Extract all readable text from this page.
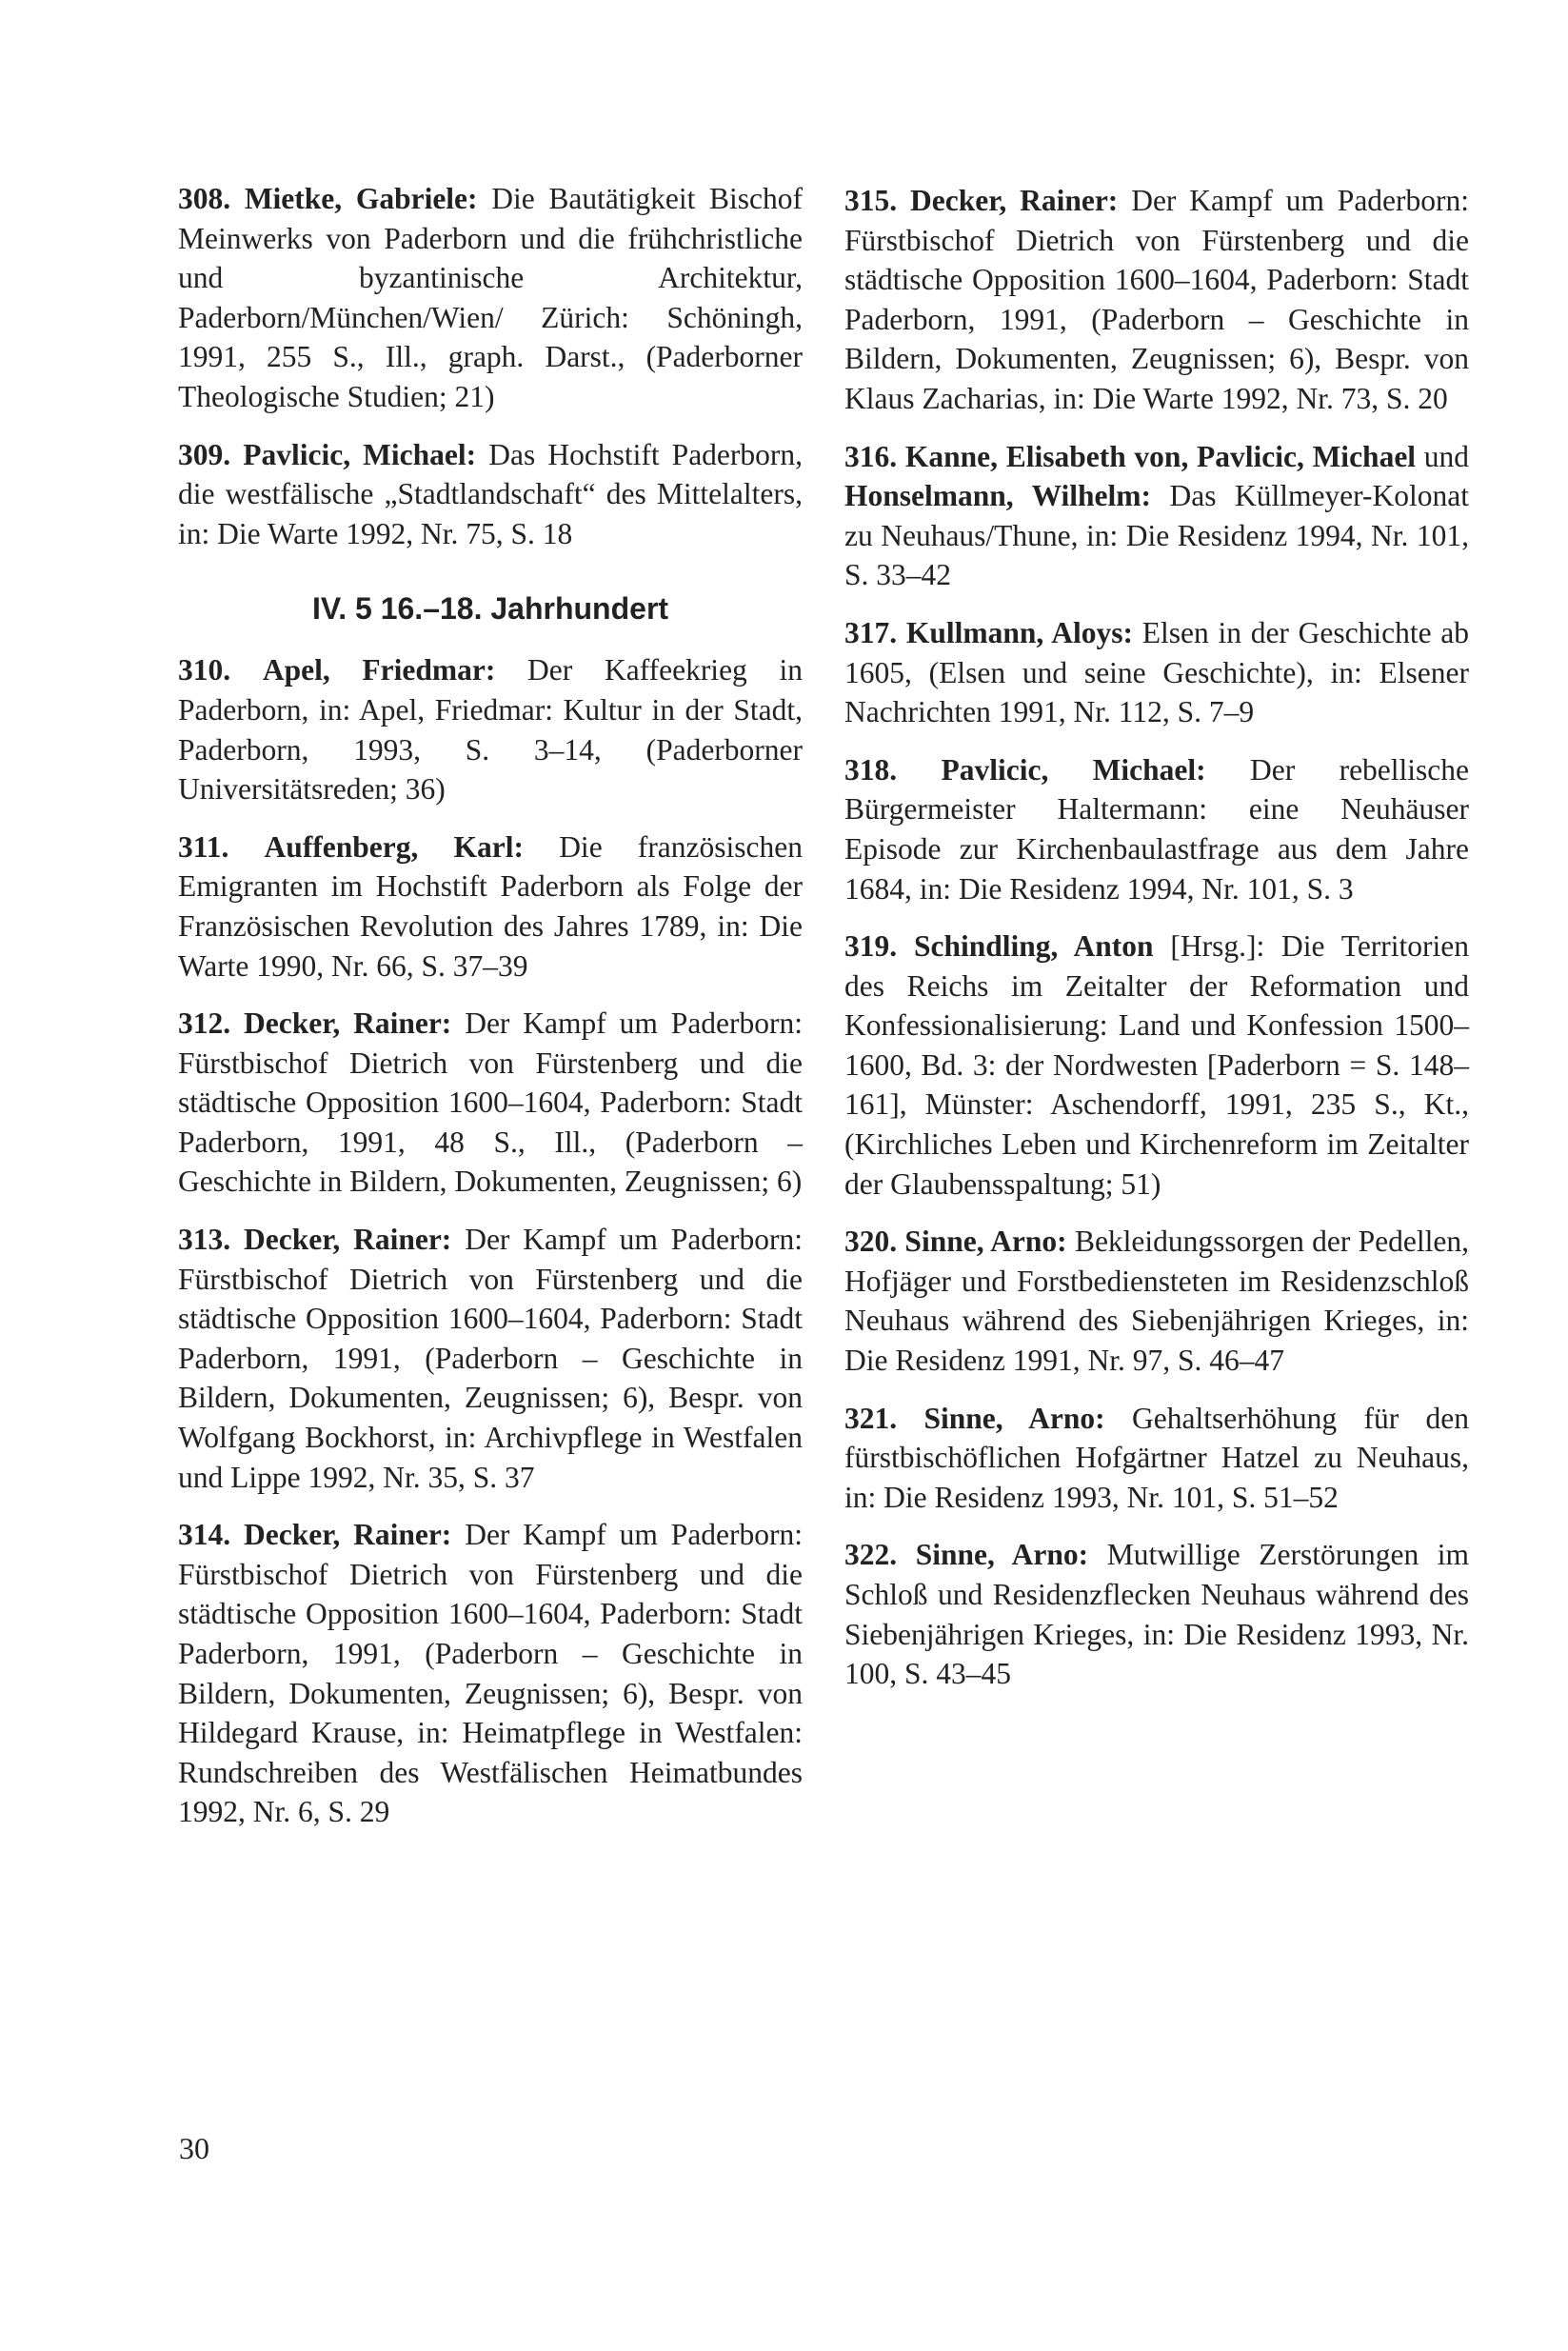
308. Mietke, Gabriele: Die Bautätigkeit Bischof Meinwerks von Paderborn und die frühchristliche und byzantinische Architektur, Paderborn/München/Wien/ Zürich: Schöningh, 1991, 255 S., Ill., graph. Darst., (Paderborner Theologische Studien; 21)

309. Pavlicic, Michael: Das Hochstift Paderborn, die westfälische „Stadtlandschaft“ des Mittelalters, in: Die Warte 1992, Nr. 75, S. 18

IV. 5 16.–18. Jahrhundert

310. Apel, Friedmar: Der Kaffeekrieg in Paderborn, in: Apel, Friedmar: Kultur in der Stadt, Paderborn, 1993, S. 3–14, (Paderborner Universitätsreden; 36)

311. Auffenberg, Karl: Die französischen Emigranten im Hochstift Paderborn als Folge der Französischen Revolution des Jahres 1789, in: Die Warte 1990, Nr. 66, S. 37–39

312. Decker, Rainer: Der Kampf um Paderborn: Fürstbischof Dietrich von Fürstenberg und die städtische Opposition 1600–1604, Paderborn: Stadt Paderborn, 1991, 48 S., Ill., (Paderborn – Geschichte in Bildern, Dokumenten, Zeugnissen; 6)

313. Decker, Rainer: Der Kampf um Paderborn: Fürstbischof Dietrich von Fürstenberg und die städtische Opposition 1600–1604, Paderborn: Stadt Paderborn, 1991, (Paderborn – Geschichte in Bildern, Dokumenten, Zeugnissen; 6), Bespr. von Wolfgang Bockhorst, in: Archivpflege in Westfalen und Lippe 1992, Nr. 35, S. 37

314. Decker, Rainer: Der Kampf um Paderborn: Fürstbischof Dietrich von Fürstenberg und die städtische Opposition 1600–1604, Paderborn: Stadt Paderborn, 1991, (Paderborn – Geschichte in Bildern, Dokumenten, Zeugnissen; 6), Bespr. von Hildegard Krause, in: Heimatpflege in Westfalen: Rundschreiben des Westfälischen Heimatbundes 1992, Nr. 6, S. 29

315. Decker, Rainer: Der Kampf um Paderborn: Fürstbischof Dietrich von Fürstenberg und die städtische Opposition 1600–1604, Paderborn: Stadt Paderborn, 1991, (Paderborn – Geschichte in Bildern, Dokumenten, Zeugnissen; 6), Bespr. von Klaus Zacharias, in: Die Warte 1992, Nr. 73, S. 20

316. Kanne, Elisabeth von, Pavlicic, Michael und Honselmann, Wilhelm: Das Küllmeyer-Kolonat zu Neuhaus/Thune, in: Die Residenz 1994, Nr. 101, S. 33–42

317. Kullmann, Aloys: Elsen in der Geschichte ab 1605, (Elsen und seine Geschichte), in: Elsener Nachrichten 1991, Nr. 112, S. 7–9

318. Pavlicic, Michael: Der rebellische Bürgermeister Haltermann: eine Neuhäuser Episode zur Kirchenbaulastfrage aus dem Jahre 1684, in: Die Residenz 1994, Nr. 101, S. 3

319. Schindling, Anton [Hrsg.]: Die Territorien des Reichs im Zeitalter der Reformation und Konfessionalisierung: Land und Konfession 1500–1600, Bd. 3: der Nordwesten [Paderborn = S. 148–161], Münster: Aschendorff, 1991, 235 S., Kt., (Kirchliches Leben und Kirchenreform im Zeitalter der Glaubensspaltung; 51)

320. Sinne, Arno: Bekleidungssorgen der Pedellen, Hofjäger und Forstbediensteten im Residenzschloß Neuhaus während des Siebenjährigen Krieges, in: Die Residenz 1991, Nr. 97, S. 46–47

321. Sinne, Arno: Gehaltserhöhung für den fürstbischöflichen Hofgärtner Hatzel zu Neuhaus, in: Die Residenz 1993, Nr. 101, S. 51–52

322. Sinne, Arno: Mutwillige Zerstörungen im Schloß und Residenzflecken Neuhaus während des Siebenjährigen Krieges, in: Die Residenz 1993, Nr. 100, S. 43–45

30
